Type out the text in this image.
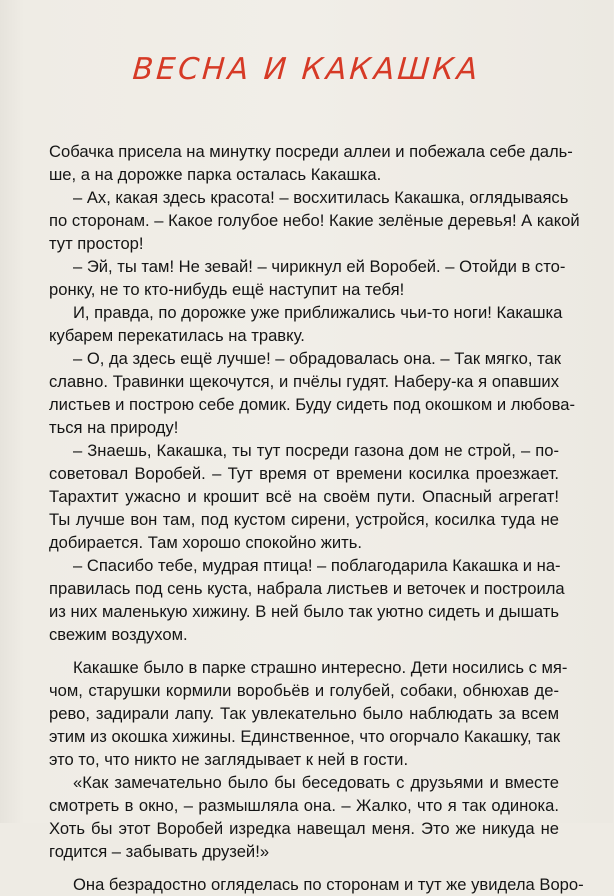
ВЕСНА И КАКАШКА
Собачка присела на минутку посреди аллеи и побежала себе даль-
ше, а на дорожке парка осталась Какашка.
– Ах, какая здесь красота! – восхитилась Какашка, оглядываясь
по сторонам. – Какое голубое небо! Какие зелёные деревья! А какой
тут простор!
– Эй, ты там! Не зевай! – чирикнул ей Воробей. – Отойди в сто-
ронку, не то кто-нибудь ещё наступит на тебя!
И, правда, по дорожке уже приближались чьи-то ноги! Какашка
кубарем перекатилась на травку.
– О, да здесь ещё лучше! – обрадовалась она. – Так мягко, так
славно. Травинки щекочутся, и пчёлы гудят. Наберу-ка я опавших
листьев и построю себе домик. Буду сидеть под окошком и любова-
ться на природу!
– Знаешь, Какашка, ты тут посреди газона дом не строй, – по-
советовал Воробей. – Тут время от времени косилка проезжает.
Тарахтит ужасно и крошит всё на своём пути. Опасный агрегат!
Ты лучше вон там, под кустом сирени, устройся, косилка туда не
добирается. Там хорошо спокойно жить.
– Спасибо тебе, мудрая птица! – поблагодарила Какашка и на-
правилась под сень куста, набрала листьев и веточек и построила
из них маленькую хижину. В ней было так уютно сидеть и дышать
свежим воздухом.
Какашке было в парке страшно интересно. Дети носились с мя-
чом, старушки кормили воробьёв и голубей, собаки, обнюхав де-
рево, задирали лапу. Так увлекательно было наблюдать за всем
этим из окошка хижины. Единственное, что огорчало Какашку, так
это то, что никто не заглядывает к ней в гости.
«Как замечательно было бы беседовать с друзьями и вместе
смотреть в окно, – размышляла она. – Жалко, что я так одинока.
Хоть бы этот Воробей изредка навещал меня. Это же никуда не
годится – забывать друзей!»
Она безрадостно огляделась по сторонам и тут же увидела Воро-
